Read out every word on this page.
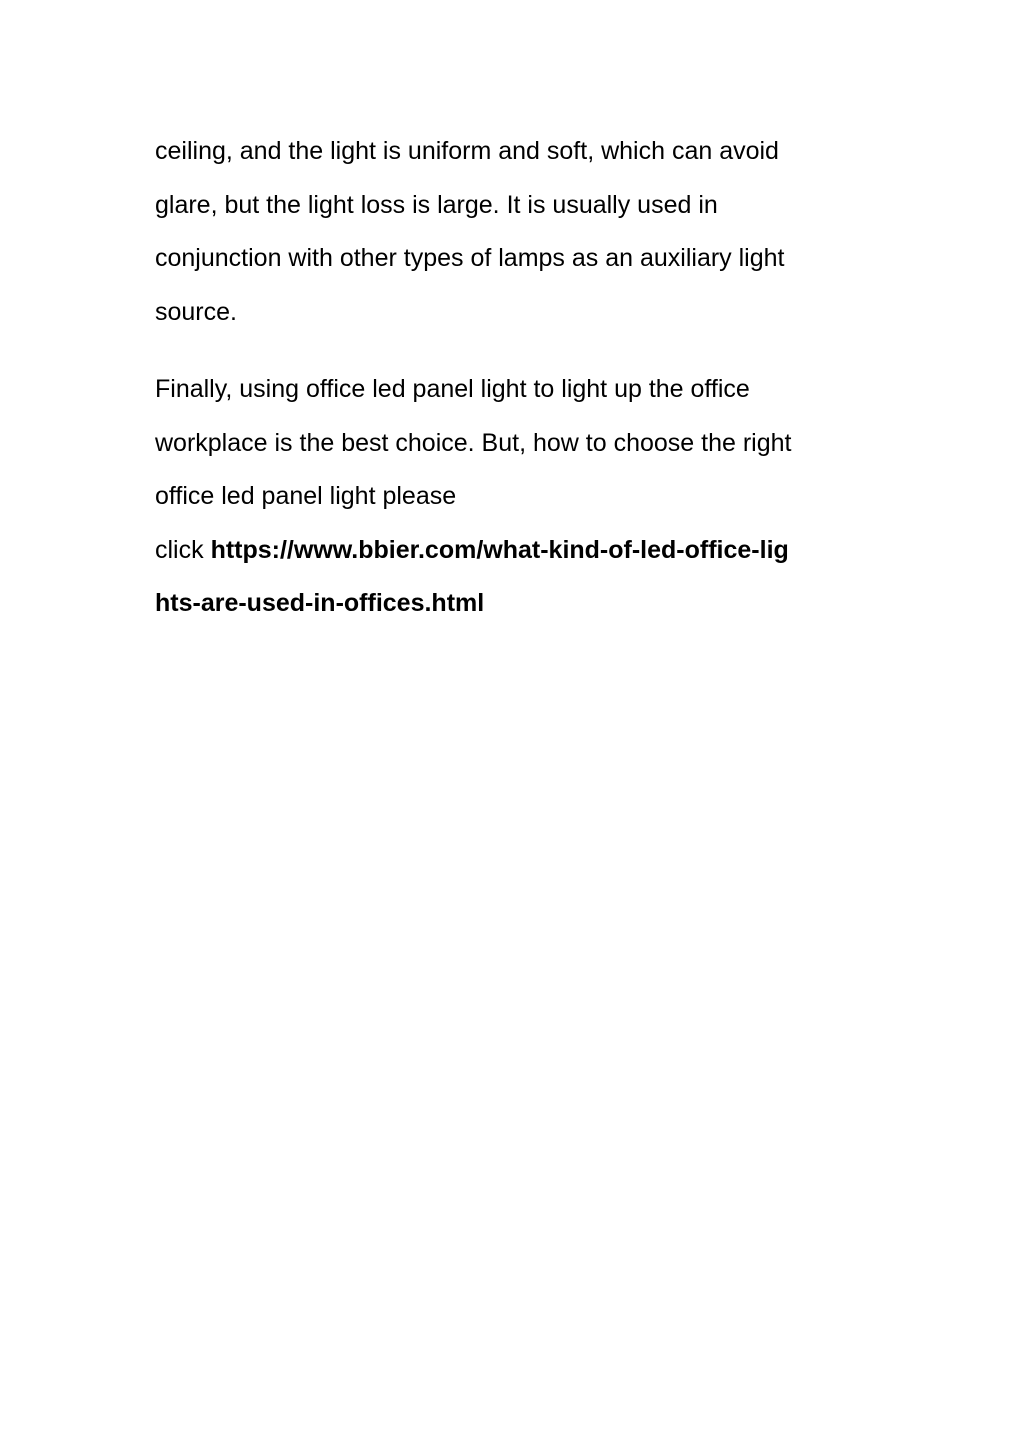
ceiling, and the light is uniform and soft, which can avoid
glare, but the light loss is large. It is usually used in
conjunction with other types of lamps as an auxiliary light
source.
Finally, using office led panel light to light up the office
workplace is the best choice. But, how to choose the right
office led panel light please
click https://www.bbier.com/what-kind-of-led-office-lig
hts-are-used-in-offices.html
